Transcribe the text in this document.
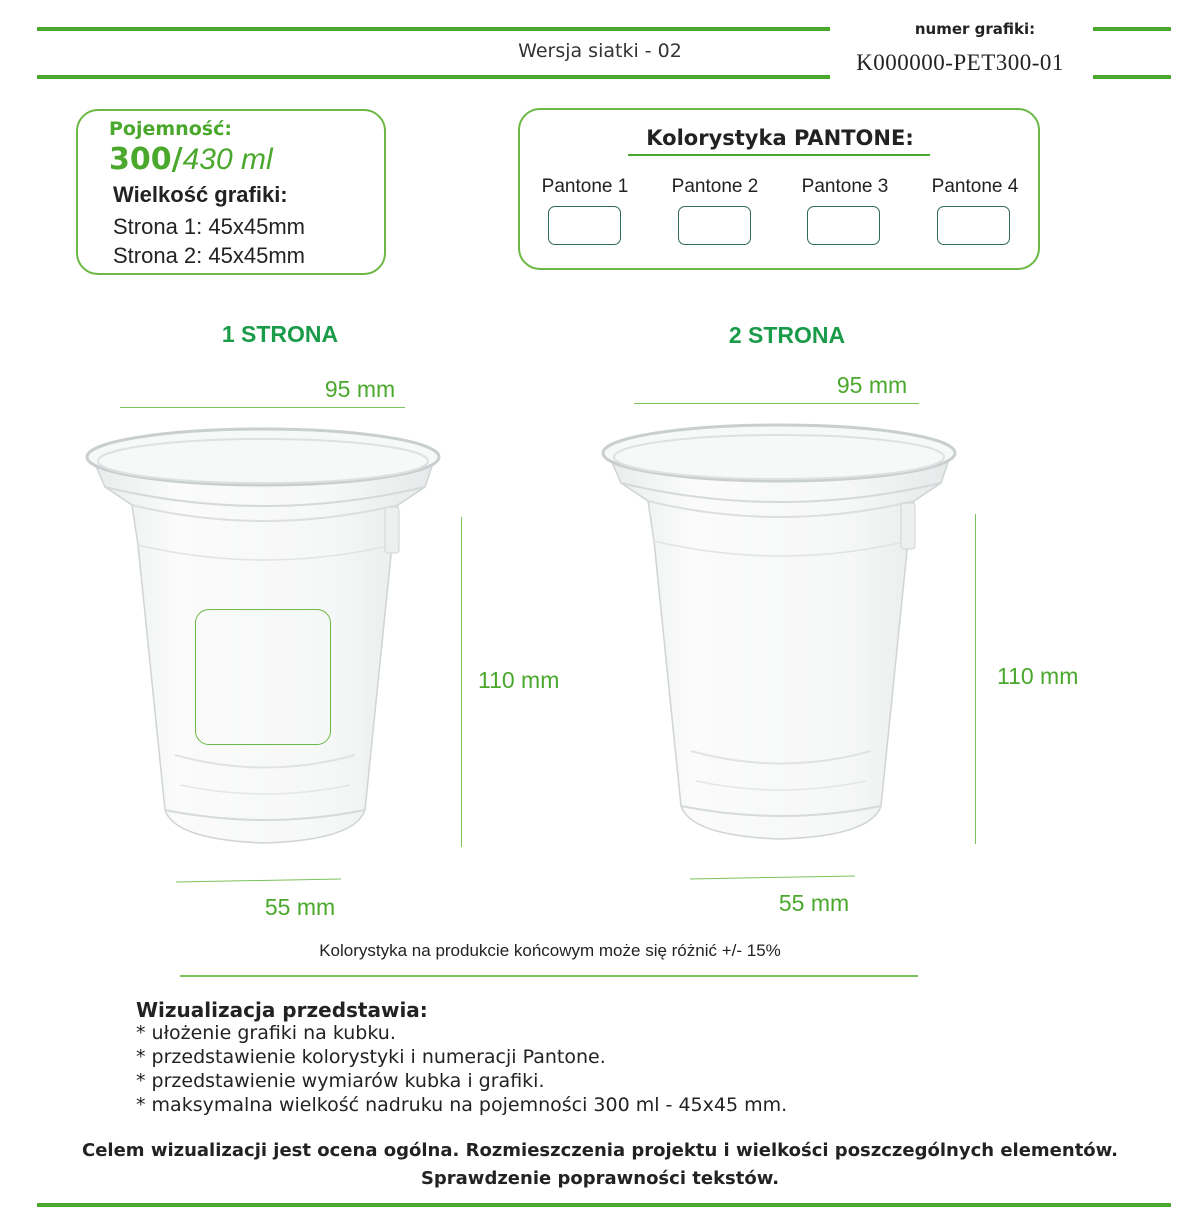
Wersja siatki - 02
numer grafiki:
K000000-PET300-01
Pojemność:
300/430 ml
Wielkość grafiki:
Strona 1: 45x45mm
Strona 2: 45x45mm
Kolorystyka PANTONE:
Pantone 1	Pantone 2	Pantone 3	Pantone 4
1 STRONA
95 mm
110 mm
55 mm
2 STRONA
95 mm
110 mm
55 mm
Kolorystyka na produkcie końcowym może się różnić +/- 15%
Wizualizacja przedstawia:
* ułożenie grafiki na kubku.
* przedstawienie kolorystyki i numeracji Pantone.
* przedstawienie wymiarów kubka i grafiki.
* maksymalna wielkość nadruku na pojemności 300 ml - 45x45 mm.
Celem wizualizacji jest ocena ogólna. Rozmieszczenia projektu i wielkości poszczególnych elementów.
Sprawdzenie poprawności tekstów.
